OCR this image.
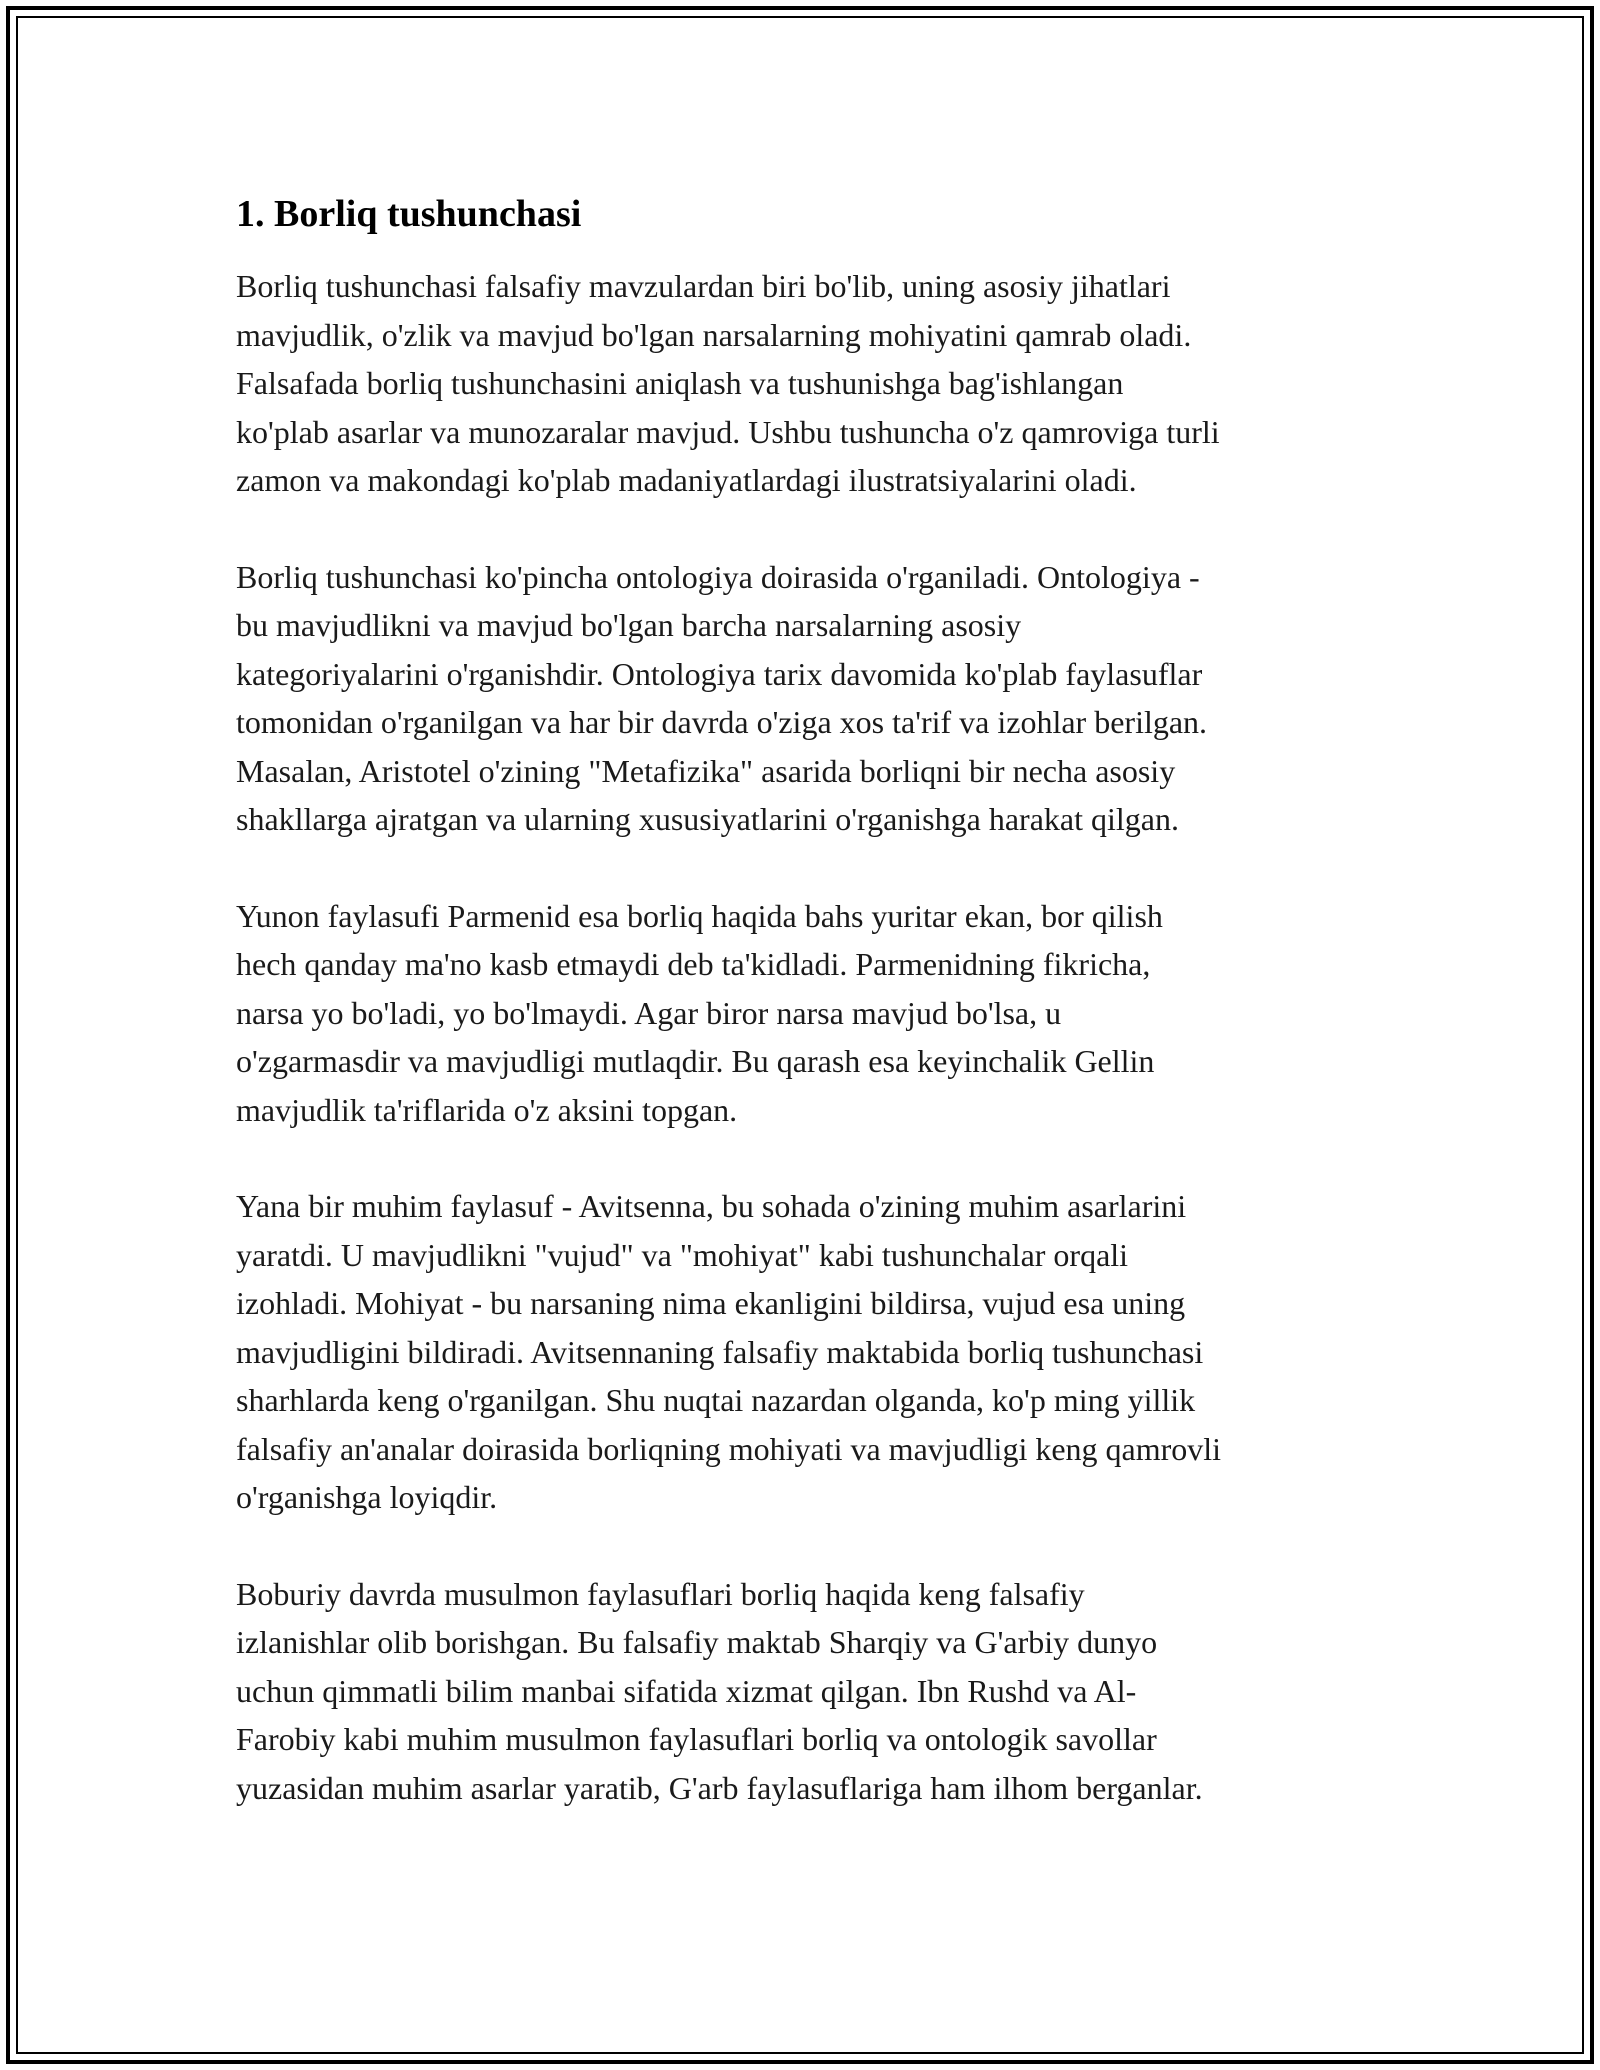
1. Borliq tushunchasi

Borliq tushunchasi falsafiy mavzulardan biri bo'lib, uning asosiy jihatlari
mavjudlik, o'zlik va mavjud bo'lgan narsalarning mohiyatini qamrab oladi.
Falsafada borliq tushunchasini aniqlash va tushunishga bag'ishlangan
ko'plab asarlar va munozaralar mavjud. Ushbu tushuncha o'z qamroviga turli
zamon va makondagi ko'plab madaniyatlardagi ilustratsiyalarini oladi.

Borliq tushunchasi ko'pincha ontologiya doirasida o'rganiladi. Ontologiya -
bu mavjudlikni va mavjud bo'lgan barcha narsalarning asosiy
kategoriyalarini o'rganishdir. Ontologiya tarix davomida ko'plab faylasuflar
tomonidan o'rganilgan va har bir davrda o'ziga xos ta'rif va izohlar berilgan.
Masalan, Aristotel o'zining "Metafizika" asarida borliqni bir necha asosiy
shakllarga ajratgan va ularning xususiyatlarini o'rganishga harakat qilgan.

Yunon faylasufi Parmenid esa borliq haqida bahs yuritar ekan, bor qilish
hech qanday ma'no kasb etmaydi deb ta'kidladi. Parmenidning fikricha,
narsa yo bo'ladi, yo bo'lmaydi. Agar biror narsa mavjud bo'lsa, u
o'zgarmasdir va mavjudligi mutlaqdir. Bu qarash esa keyinchalik Gellin
mavjudlik ta'riflarida o'z aksini topgan.

Yana bir muhim faylasuf - Avitsenna, bu sohada o'zining muhim asarlarini
yaratdi. U mavjudlikni "vujud" va "mohiyat" kabi tushunchalar orqali
izohladi. Mohiyat - bu narsaning nima ekanligini bildirsa, vujud esa uning
mavjudligini bildiradi. Avitsennaning falsafiy maktabida borliq tushunchasi
sharhlarda keng o'rganilgan. Shu nuqtai nazardan olganda, ko'p ming yillik
falsafiy an'analar doirasida borliqning mohiyati va mavjudligi keng qamrovli
o'rganishga loyiqdir.

Boburiy davrda musulmon faylasuflari borliq haqida keng falsafiy
izlanishlar olib borishgan. Bu falsafiy maktab Sharqiy va G'arbiy dunyo
uchun qimmatli bilim manbai sifatida xizmat qilgan. Ibn Rushd va Al-
Farobiy kabi muhim musulmon faylasuflari borliq va ontologik savollar
yuzasidan muhim asarlar yaratib, G'arb faylasuflariga ham ilhom berganlar.
